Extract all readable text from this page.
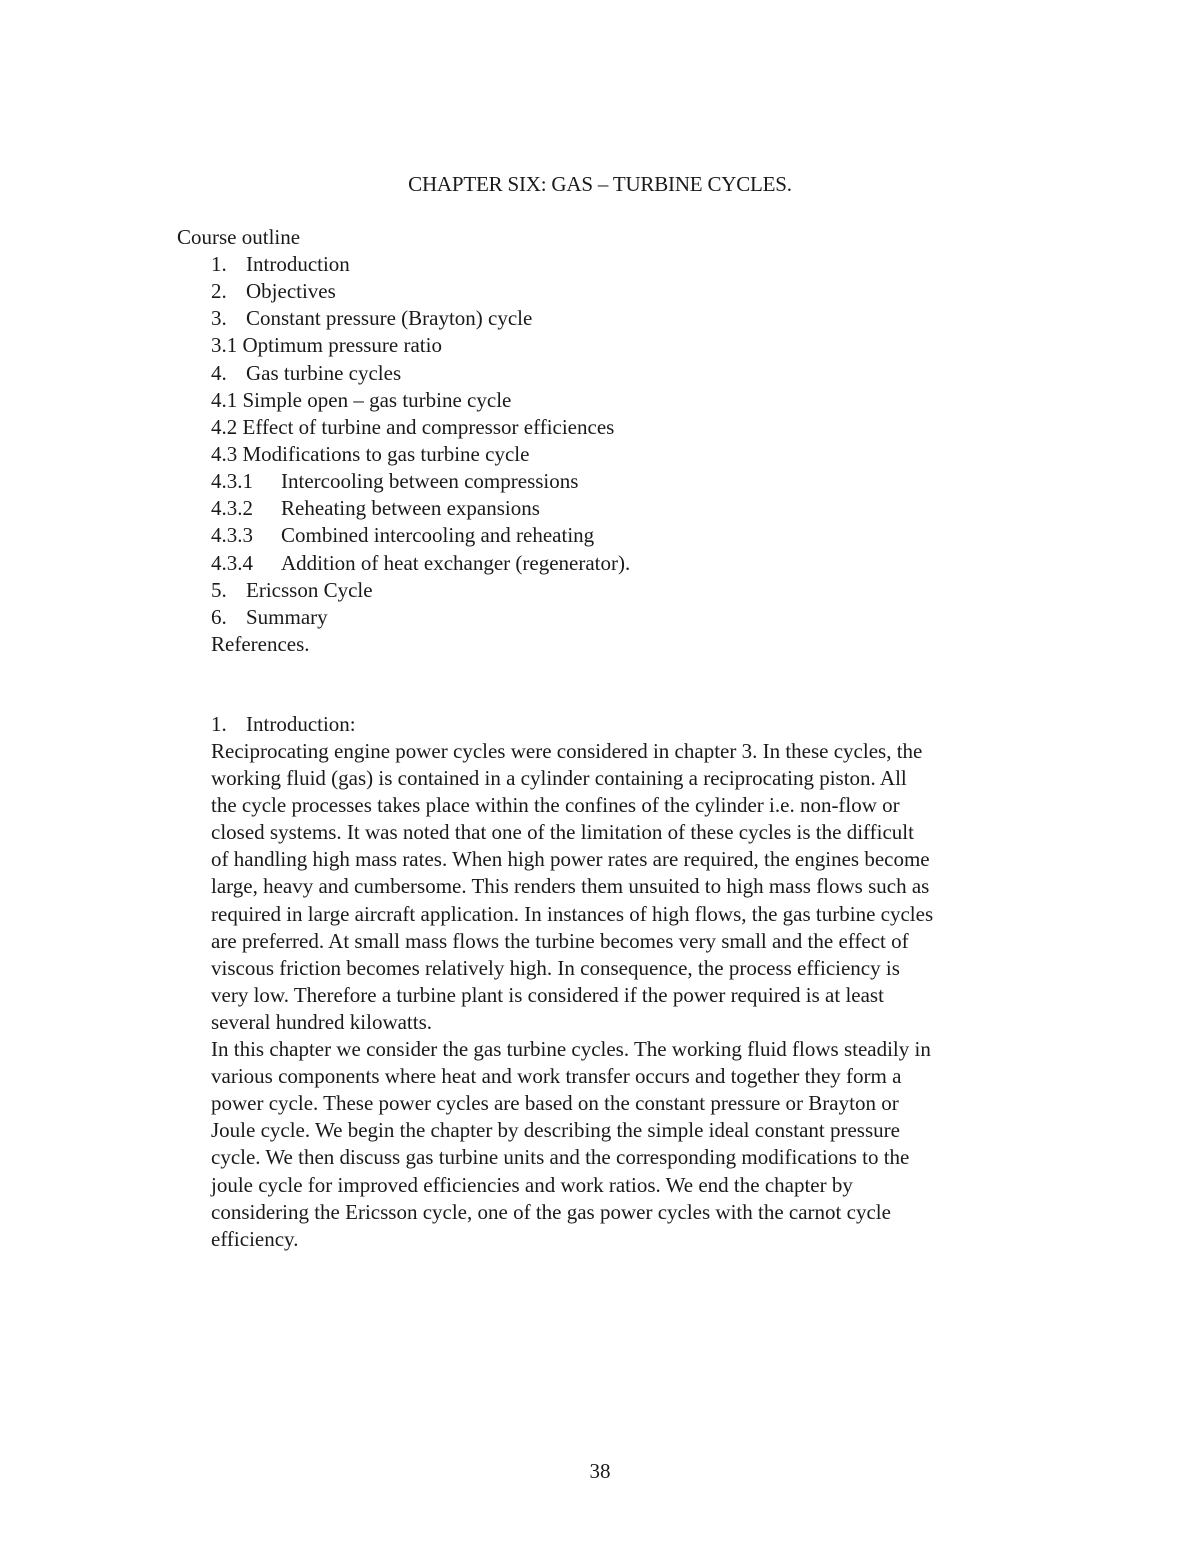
CHAPTER SIX: GAS – TURBINE CYCLES.
Course outline
1. Introduction
2. Objectives
3. Constant pressure (Brayton) cycle
3.1 Optimum pressure ratio
4. Gas turbine cycles
4.1 Simple open – gas turbine cycle
4.2 Effect of turbine and compressor efficiences
4.3 Modifications to gas turbine cycle
4.3.1 Intercooling between compressions
4.3.2 Reheating between expansions
4.3.3 Combined intercooling and reheating
4.3.4 Addition of heat exchanger (regenerator).
5. Ericsson Cycle
6. Summary
References.
1. Introduction:

Reciprocating engine power cycles were considered in chapter 3. In these cycles, the
working fluid (gas) is contained in a cylinder containing a reciprocating piston. All
the cycle processes takes place within the confines of the cylinder i.e. non-flow or
closed systems. It was noted that one of the limitation of these cycles is the difficult
of handling high mass rates. When high power rates are required, the engines become
large, heavy and cumbersome. This renders them unsuited to high mass flows such as
required in large aircraft application. In instances of high flows, the gas turbine cycles
are preferred. At small mass flows the turbine becomes very small and the effect of
viscous friction becomes relatively high. In consequence, the process efficiency is
very low. Therefore a turbine plant is considered if the power required is at least
several hundred kilowatts.

In this chapter we consider the gas turbine cycles. The working fluid flows steadily in
various components where heat and work transfer occurs and together they form a
power cycle. These power cycles are based on the constant pressure or Brayton or
Joule cycle. We begin the chapter by describing the simple ideal constant pressure
cycle. We then discuss gas turbine units and the corresponding modifications to the
joule cycle for improved efficiencies and work ratios. We end the chapter by
considering the Ericsson cycle, one of the gas power cycles with the carnot cycle
efficiency.

38
